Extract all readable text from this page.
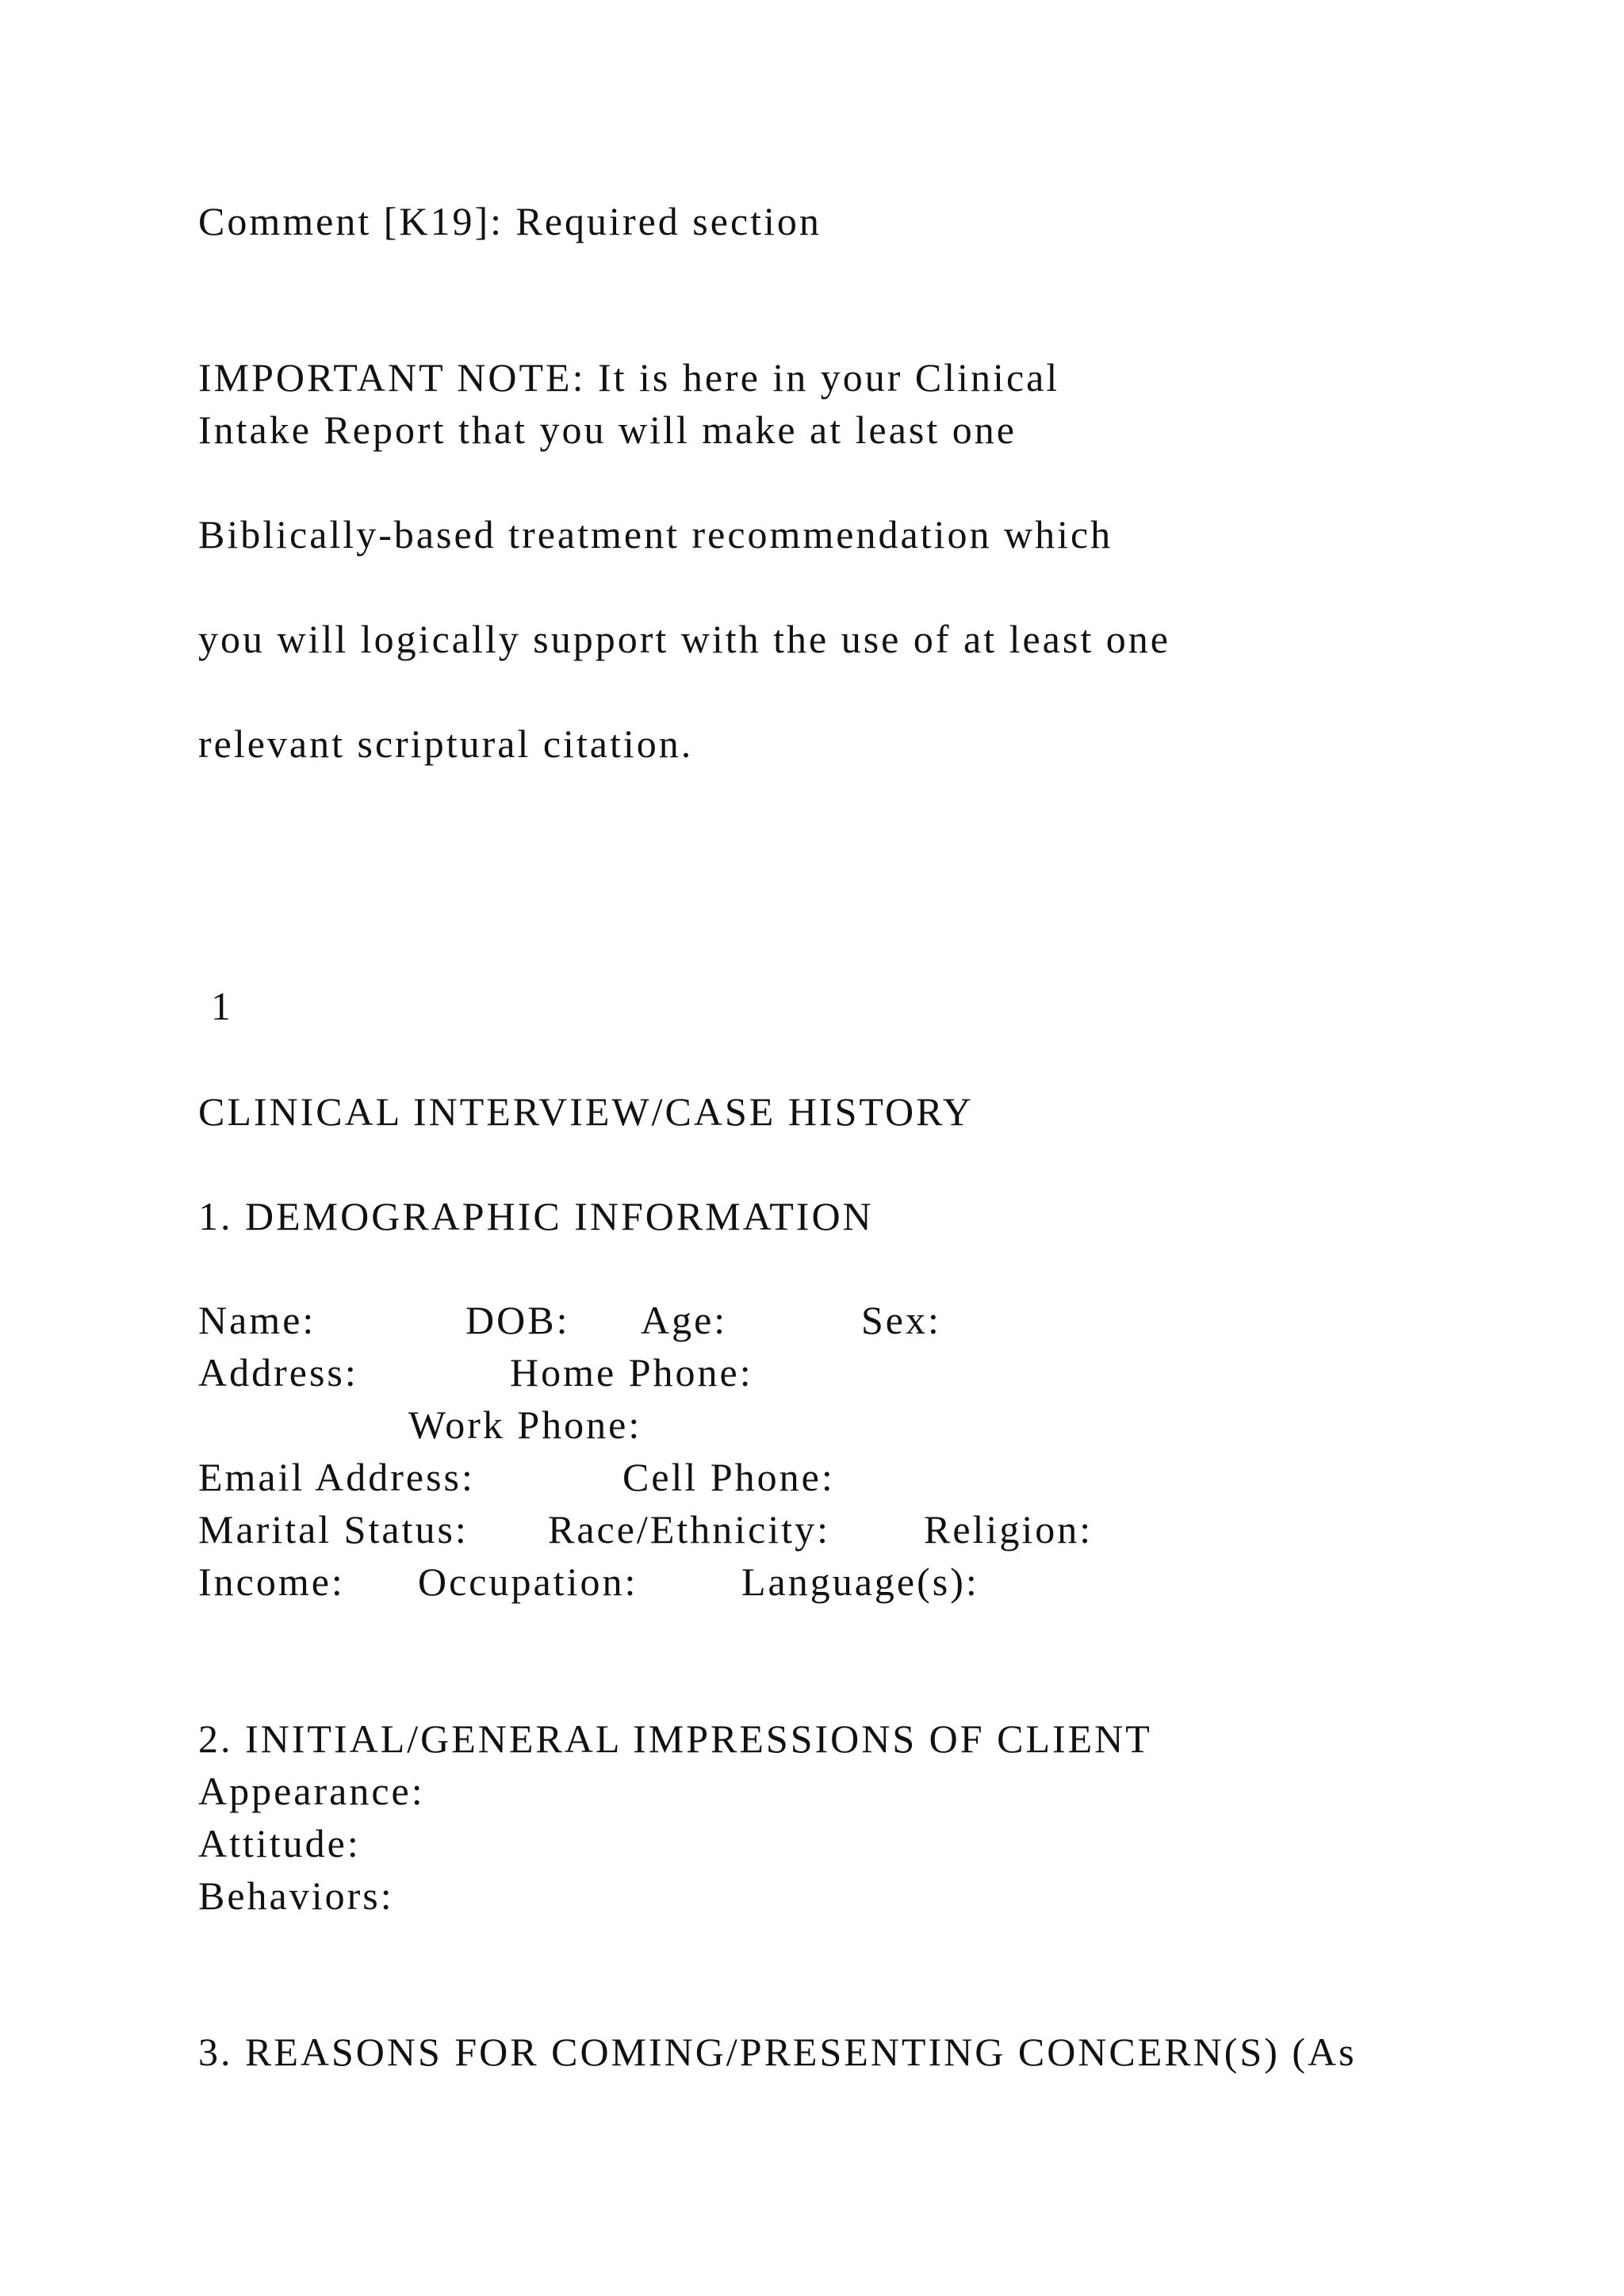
Comment [K19]: Required section
IMPORTANT NOTE: It is here in your Clinical
Intake Report that you will make at least one
Biblically-based treatment recommendation which
you will logically support with the use of at least one
relevant scriptural citation.
1
CLINICAL INTERVIEW/CASE HISTORY
1. DEMOGRAPHIC INFORMATION
Name:	DOB: Age:	Sex:
Address:	Home Phone:
Work Phone:
Email Address:	Cell Phone:
Marital Status: Race/Ethnicity: Religion:
Income: Occupation:	Language(s):
2. INITIAL/GENERAL IMPRESSIONS OF CLIENT
Appearance:
Attitude:
Behaviors:
3. REASONS FOR COMING/PRESENTING CONCERN(S) (As
